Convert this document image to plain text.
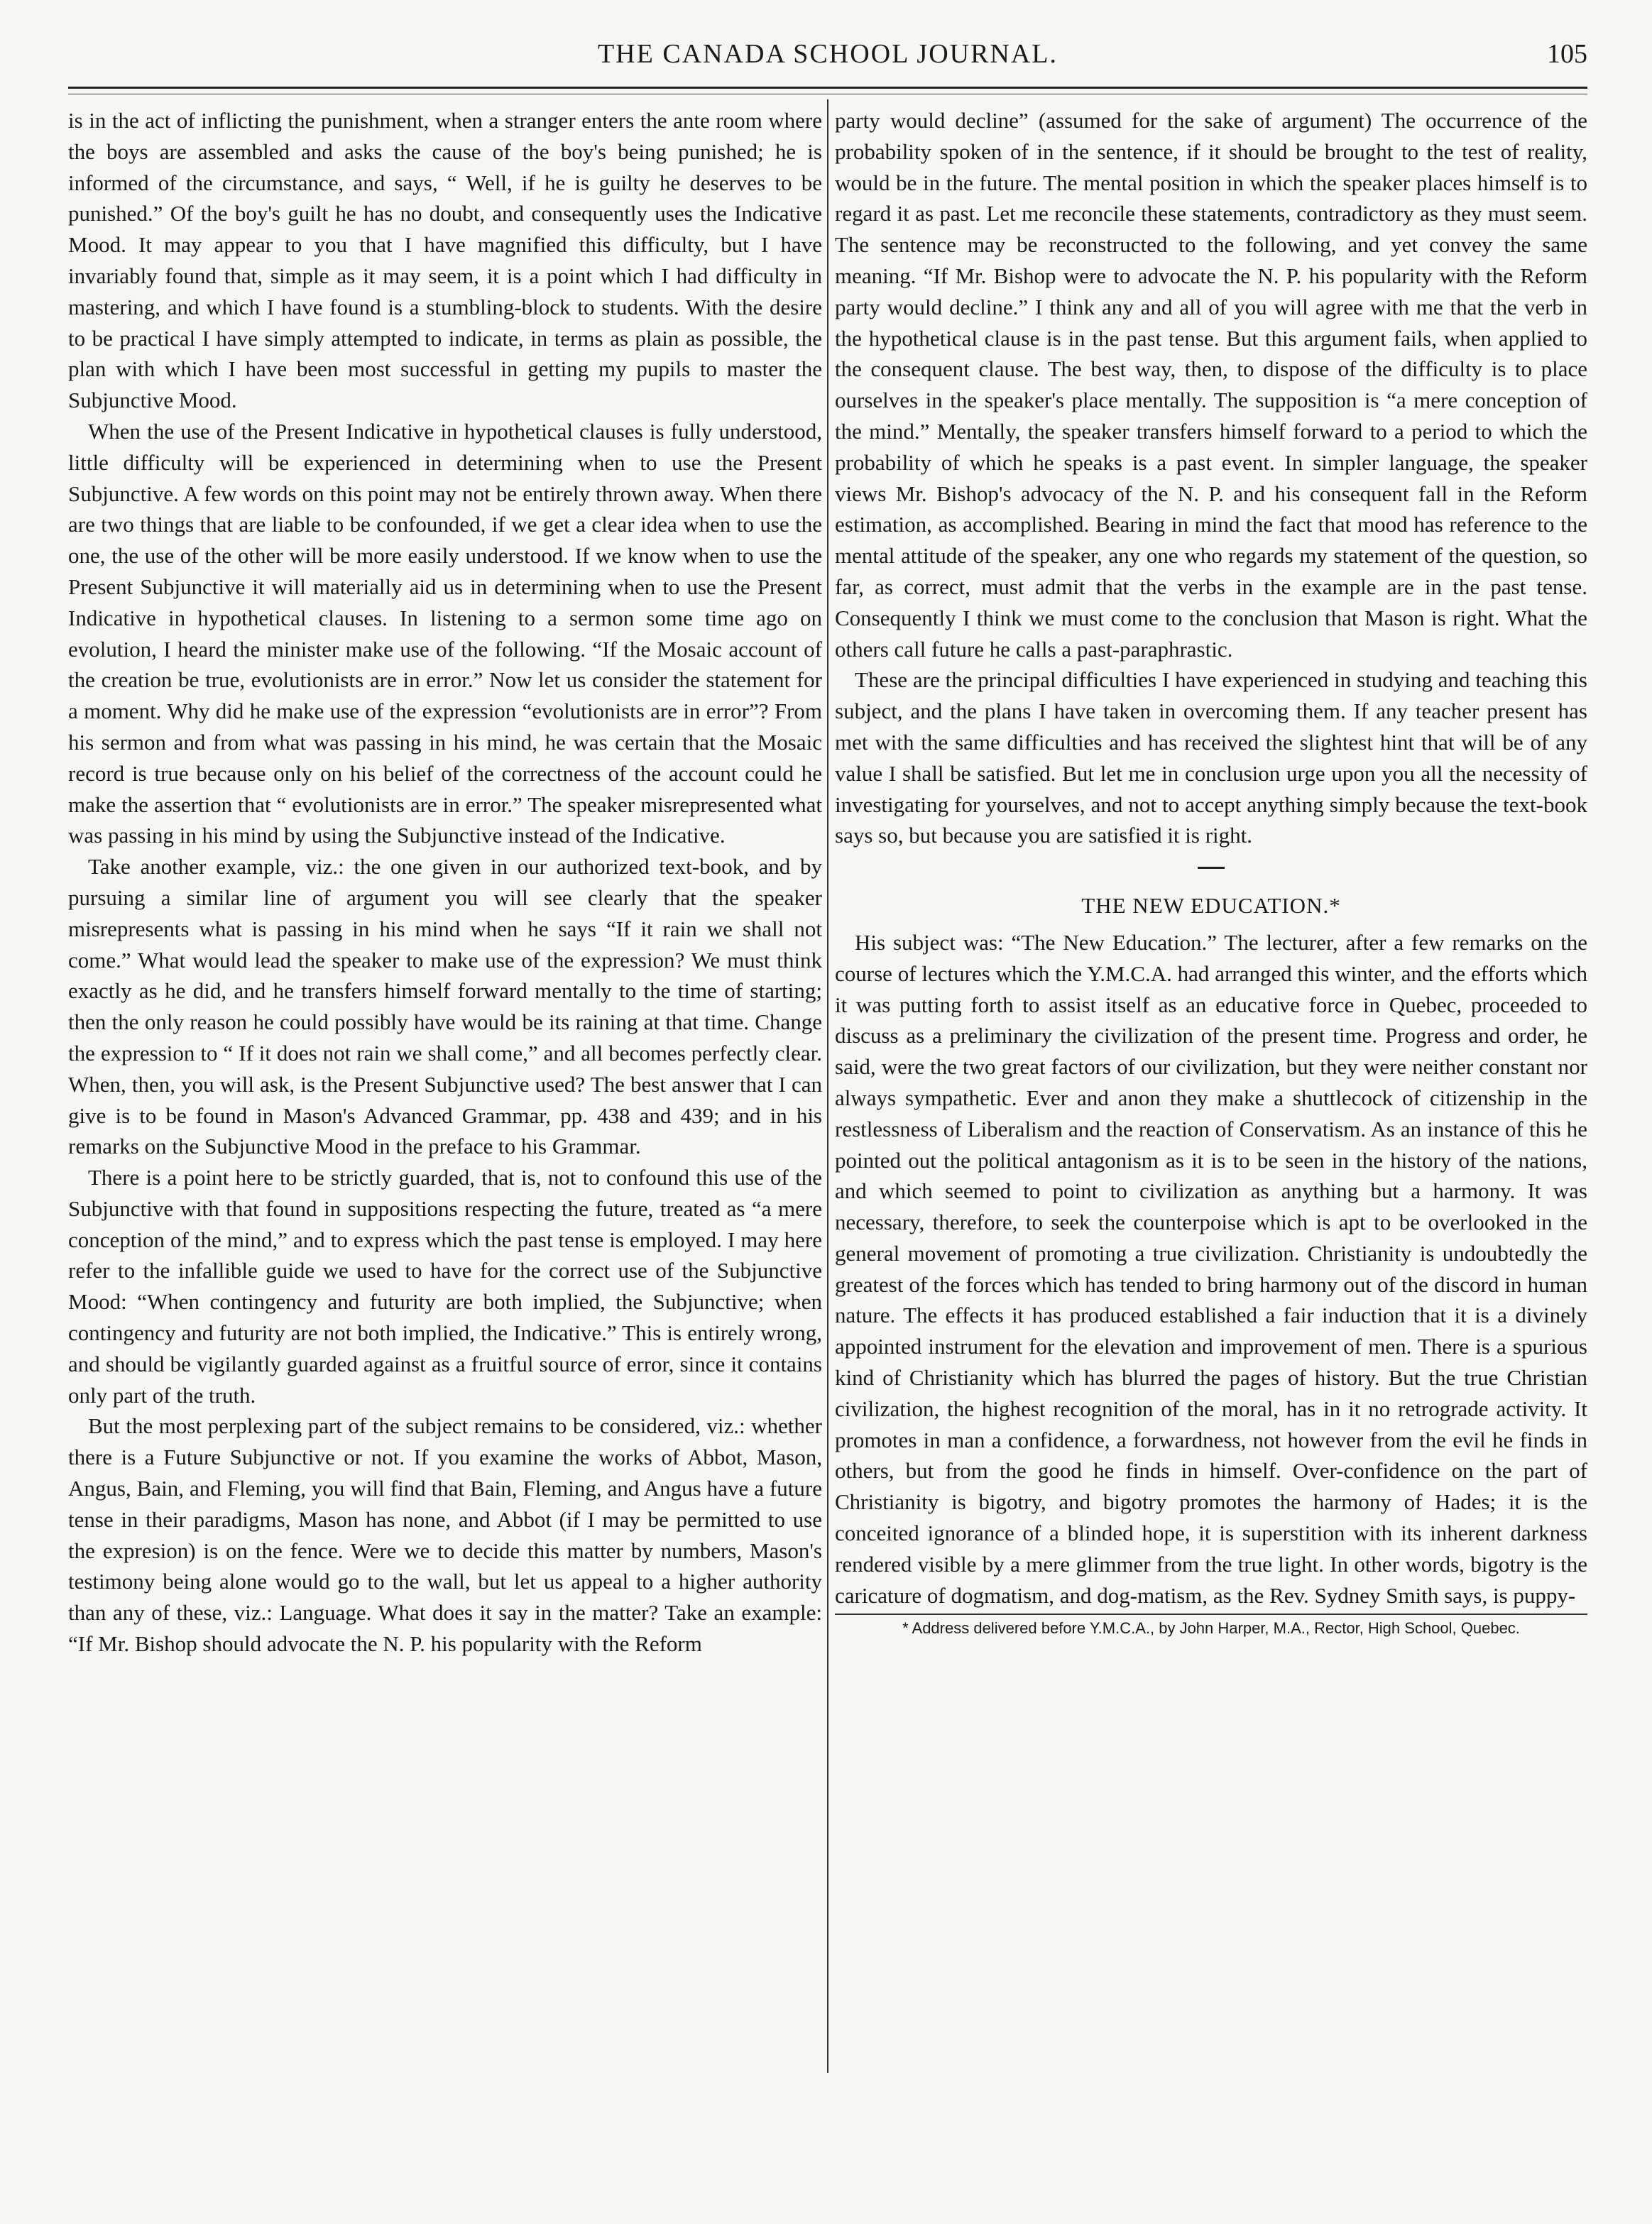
THE CANADA SCHOOL JOURNAL.	105

is in the act of inflicting the punishment, when a stranger enters the ante room where the boys are assembled and asks the cause of the boy's being punished; he is informed of the circumstance, and says, “ Well, if he is guilty he deserves to be punished.” Of the boy's guilt he has no doubt, and consequently uses the Indicative Mood. It may appear to you that I have magnified this difficulty, but I have invariably found that, simple as it may seem, it is a point which I had difficulty in mastering, and which I have found is a stumbling-block to students. With the desire to be practical I have simply attempted to indicate, in terms as plain as possible, the plan with which I have been most successful in getting my pupils to master the Subjunctive Mood.

When the use of the Present Indicative in hypothetical clauses is fully understood, little difficulty will be experienced in determining when to use the Present Subjunctive. A few words on this point may not be entirely thrown away. When there are two things that are liable to be confounded, if we get a clear idea when to use the one, the use of the other will be more easily understood. If we know when to use the Present Subjunctive it will materially aid us in determining when to use the Present Indicative in hypothetical clauses. In listening to a sermon some time ago on evolution, I heard the minister make use of the following. “If the Mosaic account of the creation be true, evolutionists are in error.” Now let us consider the statement for a moment. Why did he make use of the expression “evolutionists are in error”? From his sermon and from what was passing in his mind, he was certain that the Mosaic record is true because only on his belief of the correctness of the account could he make the assertion that “ evolutionists are in error.” The speaker misrepresented what was passing in his mind by using the Subjunctive instead of the Indicative.

Take another example, viz.: the one given in our authorized text-book, and by pursuing a similar line of argument you will see clearly that the speaker misrepresents what is passing in his mind when he says “If it rain we shall not come.” What would lead the speaker to make use of the expression? We must think exactly as he did, and he transfers himself forward mentally to the time of starting; then the only reason he could possibly have would be its raining at that time. Change the expression to “ If it does not rain we shall come,” and all becomes perfectly clear. When, then, you will ask, is the Present Subjunctive used? The best answer that I can give is to be found in Mason's Advanced Grammar, pp. 438 and 439; and in his remarks on the Subjunctive Mood in the preface to his Grammar.

There is a point here to be strictly guarded, that is, not to confound this use of the Subjunctive with that found in suppositions respecting the future, treated as “a mere conception of the mind,” and to express which the past tense is employed. I may here refer to the infallible guide we used to have for the correct use of the Subjunctive Mood: “When contingency and futurity are both implied, the Subjunctive; when contingency and futurity are not both implied, the Indicative.” This is entirely wrong, and should be vigilantly guarded against as a fruitful source of error, since it contains only part of the truth.

But the most perplexing part of the subject remains to be considered, viz.: whether there is a Future Subjunctive or not. If you examine the works of Abbot, Mason, Angus, Bain, and Fleming, you will find that Bain, Fleming, and Angus have a future tense in their paradigms, Mason has none, and Abbot (if I may be permitted to use the expresion) is on the fence. Were we to decide this matter by numbers, Mason's testimony being alone would go to the wall, but let us appeal to a higher authority than any of these, viz.: Language. What does it say in the matter? Take an example: “If Mr. Bishop should advocate the N. P. his popularity with the Reform

party would decline” (assumed for the sake of argument) The occurrence of the probability spoken of in the sentence, if it should be brought to the test of reality, would be in the future. The mental position in which the speaker places himself is to regard it as past. Let me reconcile these statements, contradictory as they must seem. The sentence may be reconstructed to the following, and yet convey the same meaning. “If Mr. Bishop were to advocate the N. P. his popularity with the Reform party would decline.” I think any and all of you will agree with me that the verb in the hypothetical clause is in the past tense. But this argument fails, when applied to the consequent clause. The best way, then, to dispose of the difficulty is to place ourselves in the speaker's place mentally. The supposition is “a mere conception of the mind.” Mentally, the speaker transfers himself forward to a period to which the probability of which he speaks is a past event. In simpler language, the speaker views Mr. Bishop's advocacy of the N. P. and his consequent fall in the Reform estimation, as accomplished. Bearing in mind the fact that mood has reference to the mental attitude of the speaker, any one who regards my statement of the question, so far, as correct, must admit that the verbs in the example are in the past tense. Consequently I think we must come to the conclusion that Mason is right. What the others call future he calls a past-paraphrastic.

These are the principal difficulties I have experienced in studying and teaching this subject, and the plans I have taken in overcoming them. If any teacher present has met with the same difficulties and has received the slightest hint that will be of any value I shall be satisfied. But let me in conclusion urge upon you all the necessity of investigating for yourselves, and not to accept anything simply because the text-book says so, but because you are satisfied it is right.

THE NEW EDUCATION.*

His subject was: “The New Education.” The lecturer, after a few remarks on the course of lectures which the Y.M.C.A. had arranged this winter, and the efforts which it was putting forth to assist itself as an educative force in Quebec, proceeded to discuss as a preliminary the civilization of the present time. Progress and order, he said, were the two great factors of our civilization, but they were neither constant nor always sympathetic. Ever and anon they make a shuttlecock of citizenship in the restlessness of Liberalism and the reaction of Conservatism. As an instance of this he pointed out the political antagonism as it is to be seen in the history of the nations, and which seemed to point to civilization as anything but a harmony. It was necessary, therefore, to seek the counterpoise which is apt to be overlooked in the general movement of promoting a true civilization. Christianity is undoubtedly the greatest of the forces which has tended to bring harmony out of the discord in human nature. The effects it has produced established a fair induction that it is a divinely appointed instrument for the elevation and improvement of men. There is a spurious kind of Christianity which has blurred the pages of history. But the true Christian civilization, the highest recognition of the moral, has in it no retrograde activity. It promotes in man a confidence, a forwardness, not however from the evil he finds in others, but from the good he finds in himself. Over-confidence on the part of Christianity is bigotry, and bigotry promotes the harmony of Hades; it is the conceited ignorance of a blinded hope, it is superstition with its inherent darkness rendered visible by a mere glimmer from the true light. In other words, bigotry is the caricature of dogmatism, and dog-matism, as the Rev. Sydney Smith says, is puppy-

* Address delivered before Y.M.C.A., by John Harper, M.A., Rector, High School, Quebec.
